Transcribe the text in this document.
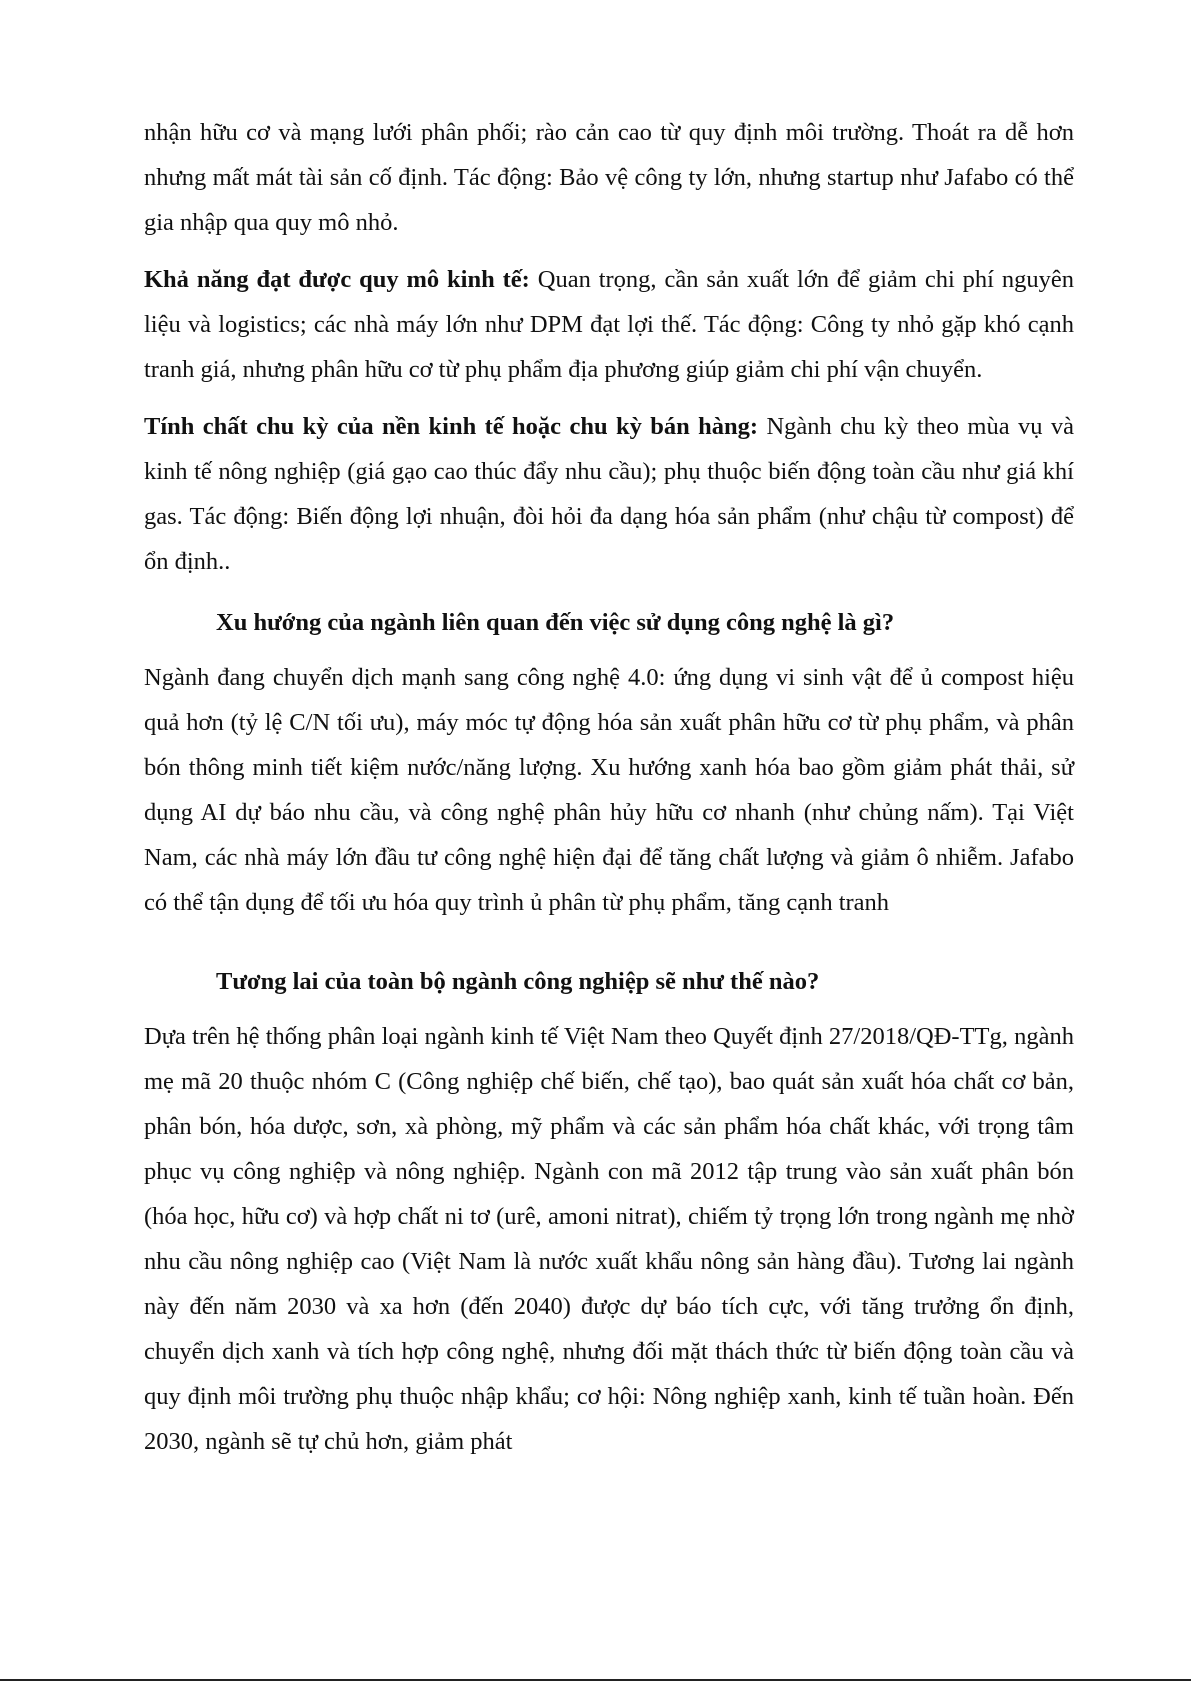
nhận hữu cơ và mạng lưới phân phối; rào cản cao từ quy định môi trường. Thoát ra dễ hơn nhưng mất mát tài sản cố định. Tác động: Bảo vệ công ty lớn, nhưng startup như Jafabo có thể gia nhập qua quy mô nhỏ.

Khả năng đạt được quy mô kinh tế: Quan trọng, cần sản xuất lớn để giảm chi phí nguyên liệu và logistics; các nhà máy lớn như DPM đạt lợi thế. Tác động: Công ty nhỏ gặp khó cạnh tranh giá, nhưng phân hữu cơ từ phụ phẩm địa phương giúp giảm chi phí vận chuyển.

Tính chất chu kỳ của nền kinh tế hoặc chu kỳ bán hàng: Ngành chu kỳ theo mùa vụ và kinh tế nông nghiệp (giá gạo cao thúc đẩy nhu cầu); phụ thuộc biến động toàn cầu như giá khí gas. Tác động: Biến động lợi nhuận, đòi hỏi đa dạng hóa sản phẩm (như chậu từ compost) để ổn định..

Xu hướng của ngành liên quan đến việc sử dụng công nghệ là gì?

Ngành đang chuyển dịch mạnh sang công nghệ 4.0: ứng dụng vi sinh vật để ủ compost hiệu quả hơn (tỷ lệ C/N tối ưu), máy móc tự động hóa sản xuất phân hữu cơ từ phụ phẩm, và phân bón thông minh tiết kiệm nước/năng lượng. Xu hướng xanh hóa bao gồm giảm phát thải, sử dụng AI dự báo nhu cầu, và công nghệ phân hủy hữu cơ nhanh (như chủng nấm). Tại Việt Nam, các nhà máy lớn đầu tư công nghệ hiện đại để tăng chất lượng và giảm ô nhiễm. Jafabo có thể tận dụng để tối ưu hóa quy trình ủ phân từ phụ phẩm, tăng cạnh tranh

Tương lai của toàn bộ ngành công nghiệp sẽ như thế nào?

Dựa trên hệ thống phân loại ngành kinh tế Việt Nam theo Quyết định 27/2018/QĐ-TTg, ngành mẹ mã 20 thuộc nhóm C (Công nghiệp chế biến, chế tạo), bao quát sản xuất hóa chất cơ bản, phân bón, hóa dược, sơn, xà phòng, mỹ phẩm và các sản phẩm hóa chất khác, với trọng tâm phục vụ công nghiệp và nông nghiệp. Ngành con mã 2012 tập trung vào sản xuất phân bón (hóa học, hữu cơ) và hợp chất ni tơ (urê, amoni nitrat), chiếm tỷ trọng lớn trong ngành mẹ nhờ nhu cầu nông nghiệp cao (Việt Nam là nước xuất khẩu nông sản hàng đầu). Tương lai ngành này đến năm 2030 và xa hơn (đến 2040) được dự báo tích cực, với tăng trưởng ổn định, chuyển dịch xanh và tích hợp công nghệ, nhưng đối mặt thách thức từ biến động toàn cầu và quy định môi trường phụ thuộc nhập khẩu; cơ hội: Nông nghiệp xanh, kinh tế tuần hoàn. Đến 2030, ngành sẽ tự chủ hơn, giảm phát
